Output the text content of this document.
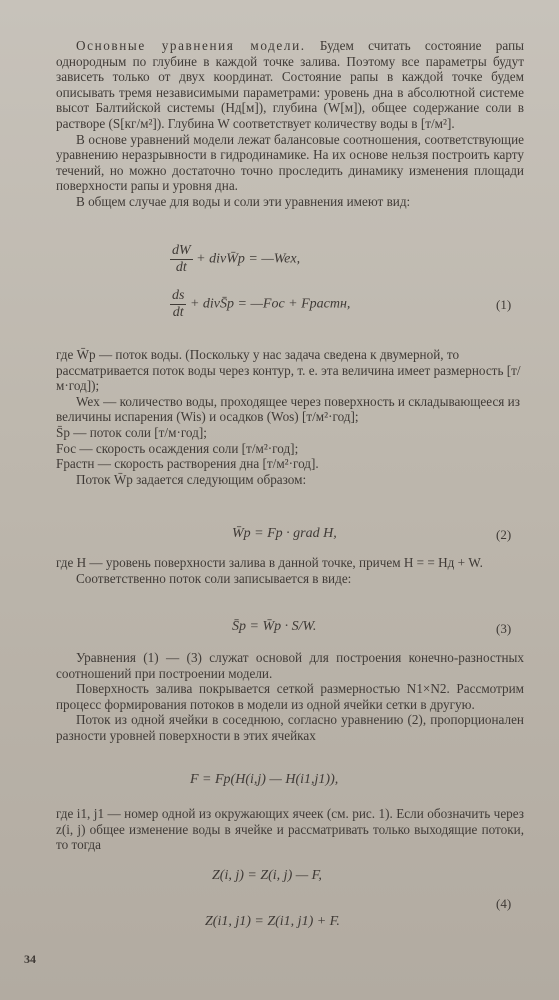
Основные уравнения модели. Будем считать состояние рапы однородным по глубине в каждой точке залива. Поэтому все параметры будут зависеть только от двух координат. Состояние рапы в каждой точке будем описывать тремя независимыми параметрами: уровень дна в абсолютной системе высот Балтийской системы (Hд[м]), глубина (W[м]), общее содержание соли в растворе (S[кг/м²]). Глубина W соответствует количеству воды в [т/м²].

В основе уравнений модели лежат балансовые соотношения, соответствующие уравнению неразрывности в гидродинамике. На их основе нельзя построить карту течений, но можно достаточно точно проследить динамику изменения площади поверхности рапы и уровня дна.

В общем случае для воды и соли эти уравнения имеют вид:

$\frac{dW}{dt}$ + divW̄р = —Wex,
$\frac{ds}{dt}$ + divS̄р = —Fос + Fрастн,	(1)

где W̄р — поток воды. (Поскольку у нас задача сведена к двумерной, то рассматривается поток воды через контур, т. е. эта величина имеет размерность [т/м·год]);

Wex — количество воды, проходящее через поверхность и складывающееся из величины испарения (Wis) и осадков (Wos) [т/м²·год];

S̄р — поток соли [т/м·год];

Fос — скорость осаждения соли [т/м²·год];

Fрастн — скорость растворения дна [т/м²·год].

Поток W̄р задается следующим образом:

W̄р = Fр · grad H,	(2)

где H — уровень поверхности залива в данной точке, причем H = = Hд + W.

Соответственно поток соли записывается в виде:

S̄р = W̄р · S/W.	(3)

Уравнения (1) — (3) служат основой для построения конечно-разностных соотношений при построении модели.

Поверхность залива покрывается сеткой размерностью N1×N2. Рассмотрим процесс формирования потоков в модели из одной ячейки сетки в другую.

Поток из одной ячейки в соседнюю, согласно уравнению (2), пропорционален разности уровней поверхности в этих ячейках

F = Fр(H(i,j) — H(i1,j1)),

где i1, j1 — номер одной из окружающих ячеек (см. рис. 1). Если обозначить через z(i, j) общее изменение воды в ячейке и рассматривать только выходящие потоки, то тогда

Z(i, j) = Z(i, j) — F,
(4)
Z(i1, j1) = Z(i1, j1) + F.
34
